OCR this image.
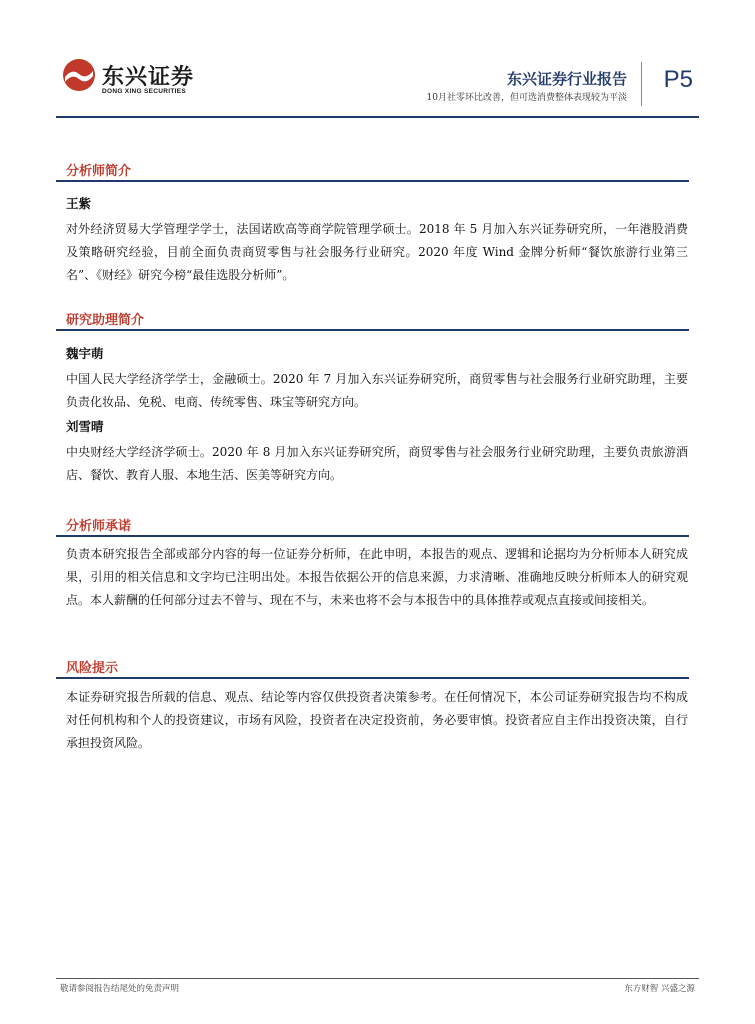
东兴证券
DONG XING SECURITIES
东兴证券行业报告
10月社零环比改善，但可选消费整体表现较为平淡
P5
分析师简介
王紫
对外经济贸易大学管理学学士，法国诺欧高等商学院管理学硕士。2018 年 5 月加入东兴证券研究所，一年港股消费及策略研究经验，目前全面负责商贸零售与社会服务行业研究。2020 年度 Wind 金牌分析师“餐饮旅游行业第三名”、《财经》研究今榜“最佳选股分析师”。
研究助理简介
魏宇萌
中国人民大学经济学学士，金融硕士。2020 年 7 月加入东兴证券研究所，商贸零售与社会服务行业研究助理，主要负责化妆品、免税、电商、传统零售、珠宝等研究方向。
刘雪晴
中央财经大学经济学硕士。2020 年 8 月加入东兴证券研究所，商贸零售与社会服务行业研究助理，主要负责旅游酒店、餐饮、教育人服、本地生活、医美等研究方向。
分析师承诺
负责本研究报告全部或部分内容的每一位证券分析师，在此申明，本报告的观点、逻辑和论据均为分析师本人研究成果，引用的相关信息和文字均已注明出处。本报告依据公开的信息来源，力求清晰、准确地反映分析师本人的研究观点。本人薪酬的任何部分过去不曾与、现在不与，未来也将不会与本报告中的具体推荐或观点直接或间接相关。
风险提示
本证券研究报告所载的信息、观点、结论等内容仅供投资者决策参考。在任何情况下，本公司证券研究报告均不构成对任何机构和个人的投资建议，市场有风险，投资者在决定投资前，务必要审慎。投资者应自主作出投资决策，自行承担投资风险。
敬请参阅报告结尾处的免责声明	东方财智 兴盛之源
